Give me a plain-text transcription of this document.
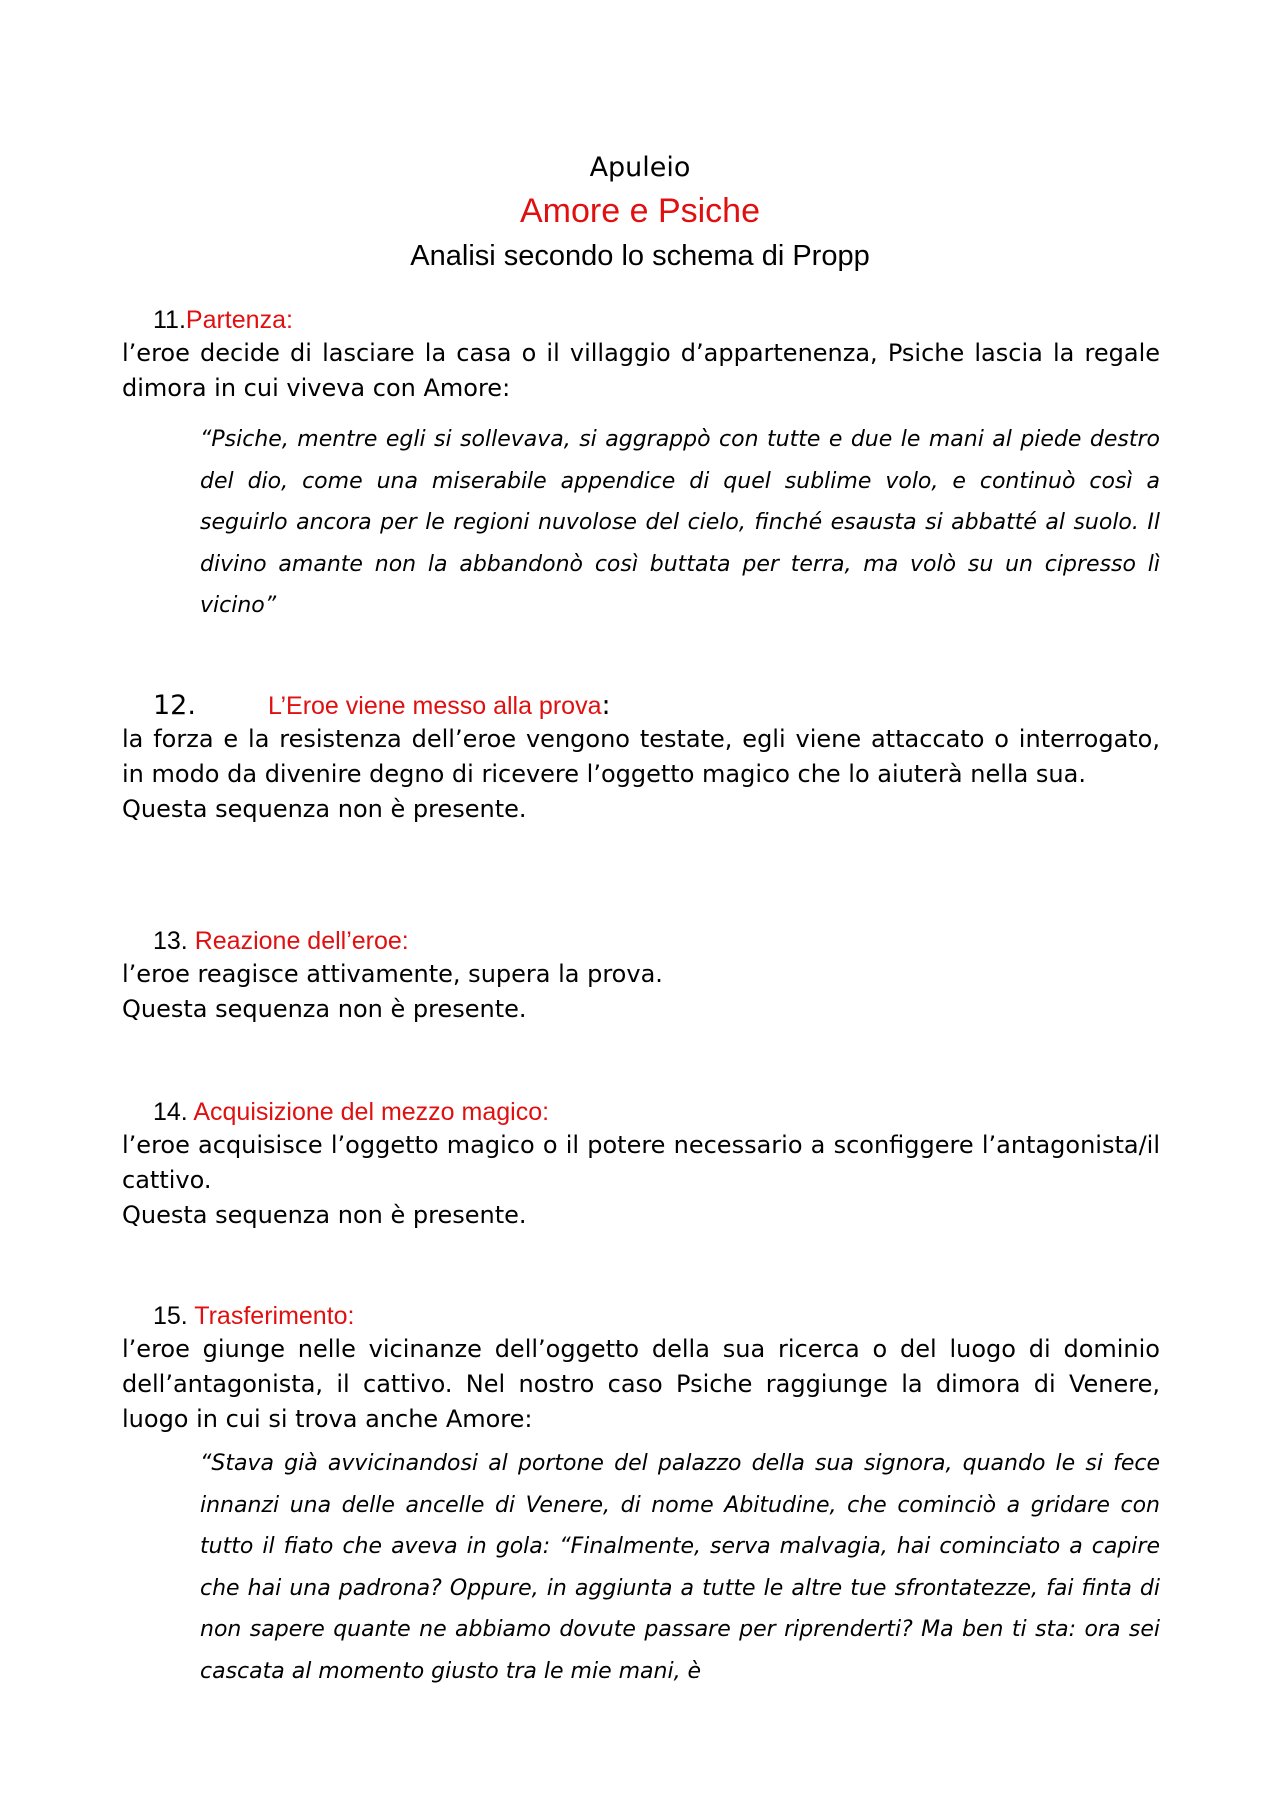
Apuleio
Amore e Psiche
Analisi secondo lo schema di Propp
11.Partenza:

l’eroe decide di lasciare la casa o il villaggio d’appartenenza, Psiche lascia la regale dimora in cui viveva con Amore:

“Psiche, mentre egli si sollevava, si aggrappò con tutte e due le mani al piede destro del dio, come una miserabile appendice di quel sublime volo, e continuò così a seguirlo ancora per le regioni nuvolose del cielo, finché esausta si abbatté al suolo. Il divino amante non la abbandonò così buttata per terra, ma volò su un cipresso lì vicino”
12.	L’Eroe viene messo alla prova:

la forza e la resistenza dell’eroe vengono testate, egli viene attaccato o interrogato, in modo da divenire degno di ricevere l’oggetto magico che lo aiuterà nella sua.

Questa sequenza non è presente.

13. Reazione dell’eroe:

l’eroe reagisce attivamente, supera la prova.

Questa sequenza non è presente.

14. Acquisizione del mezzo magico:

l’eroe acquisisce l’oggetto magico o il potere necessario a sconfiggere l’antagonista/il cattivo.

Questa sequenza non è presente.

15. Trasferimento:

l’eroe giunge nelle vicinanze dell’oggetto della sua ricerca o del luogo di dominio dell’antagonista, il cattivo. Nel nostro caso Psiche raggiunge la dimora di Venere, luogo in cui si trova anche Amore:

“Stava già avvicinandosi al portone del palazzo della sua signora, quando le si fece innanzi una delle ancelle di Venere, di nome Abitudine, che cominciò a gridare con tutto il fiato che aveva in gola: “Finalmente, serva malvagia, hai cominciato a capire che hai una padrona? Oppure, in aggiunta a tutte le altre tue sfrontatezze, fai finta di non sapere quante ne abbiamo dovute passare per riprenderti? Ma ben ti sta: ora sei cascata al momento giusto tra le mie mani, è
